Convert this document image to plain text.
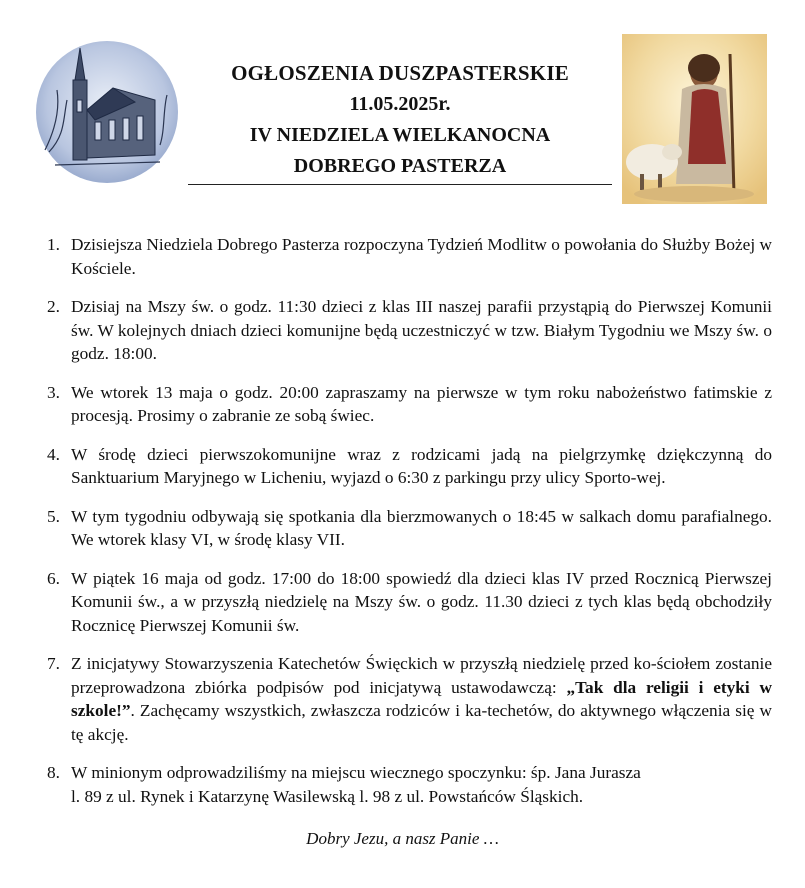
OGŁOSZENIA DUSZPASTERSKIE

11.05.2025r.

IV NIEDZIELA WIELKANOCNA

DOBREGO PASTERZA

1. Dzisiejsza Niedziela Dobrego Pasterza rozpoczyna Tydzień Modlitw o powołania do Służby Bożej w Kościele.
2. Dzisiaj na Mszy św. o godz. 11:30 dzieci z klas III naszej parafii przystąpią do Pierwszej Komunii św. W kolejnych dniach dzieci komunijne będą uczestniczyć w tzw. Białym Tygodniu we Mszy św. o godz. 18:00.
3. We wtorek 13 maja o godz. 20:00 zapraszamy na pierwsze w tym roku nabożeństwo fatimskie z procesją. Prosimy o zabranie ze sobą świec.
4. W środę dzieci pierwszokomunijne wraz z rodzicami jadą na pielgrzymkę dziękczynną do Sanktuarium Maryjnego w Licheniu, wyjazd o 6:30 z parkingu przy ulicy Sporto-wej.
5. W tym tygodniu odbywają się spotkania dla bierzmowanych o 18:45 w salkach domu parafialnego. We wtorek klasy VI, w środę klasy VII.
6. W piątek 16 maja od godz. 17:00 do 18:00 spowiedź dla dzieci klas IV przed Rocznicą Pierwszej Komunii św., a w przyszłą niedzielę na Mszy św. o godz. 11.30 dzieci z tych klas będą obchodziły Rocznicę Pierwszej Komunii św.
7. Z inicjatywy Stowarzyszenia Katechetów Święckich w przyszłą niedzielę przed ko-ściołem zostanie przeprowadzona zbiórka podpisów pod inicjatywą ustawodawczą: „Tak dla religii i etyki w szkole!”. Zachęcamy wszystkich, zwłaszcza rodziców i ka-techetów, do aktywnego włączenia się w tę akcję.
8. W minionym odprowadziliśmy na miejscu wiecznego spoczynku: śp. Jana Jurasza
l. 89 z ul. Rynek i Katarzynę Wasilewską l. 98 z ul. Powstańców Śląskich.
Dobry Jezu, a nasz Panie …
